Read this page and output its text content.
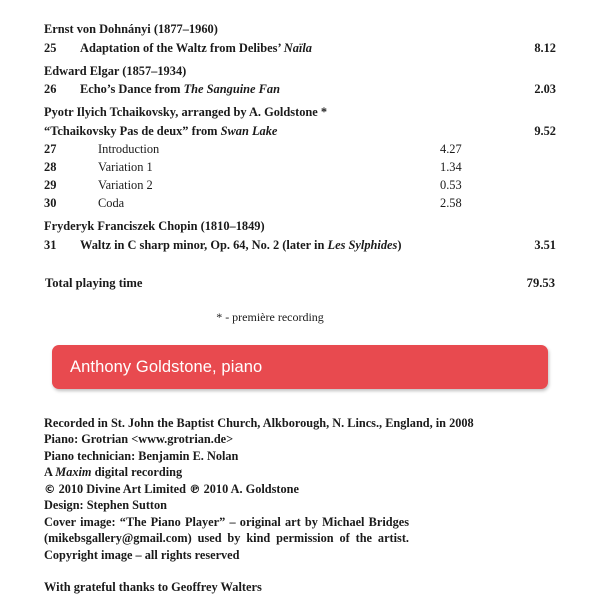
Ernst von Dohnányi (1877–1960)			
25	Adaptation of the Waltz from Delibes’ Naïla		8.12
Edward Elgar (1857–1934)			
26	Echo’s Dance from The Sanguine Fan		2.03
Pyotr Ilyich Tchaikovsky, arranged by A. Goldstone *			
“Tchaikovsky Pas de deux” from Swan Lake			9.52
27	Introduction	4.27	
28	Variation 1	1.34	
29	Variation 2	0.53	
30	Coda	2.58	
Fryderyk Franciszek Chopin (1810–1849)			
31	Waltz in C sharp minor, Op. 64, No. 2 (later in Les Sylphides)		3.51
Total playing time			79.53
* - première recording
Anthony Goldstone, piano
Recorded in St. John the Baptist Church, Alkborough, N. Lincs., England, in 2008
Piano: Grotrian <www.grotrian.de>
Piano technician: Benjamin E. Nolan
A Maxim digital recording
© 2010 Divine Art Limited ℗ 2010 A. Goldstone
Design: Stephen Sutton
Cover image: “The Piano Player” – original art by Michael Bridges (mikebsgallery@gmail.com) used by kind permission of the artist. Copyright image – all rights reserved
With grateful thanks to Geoffrey Walters
